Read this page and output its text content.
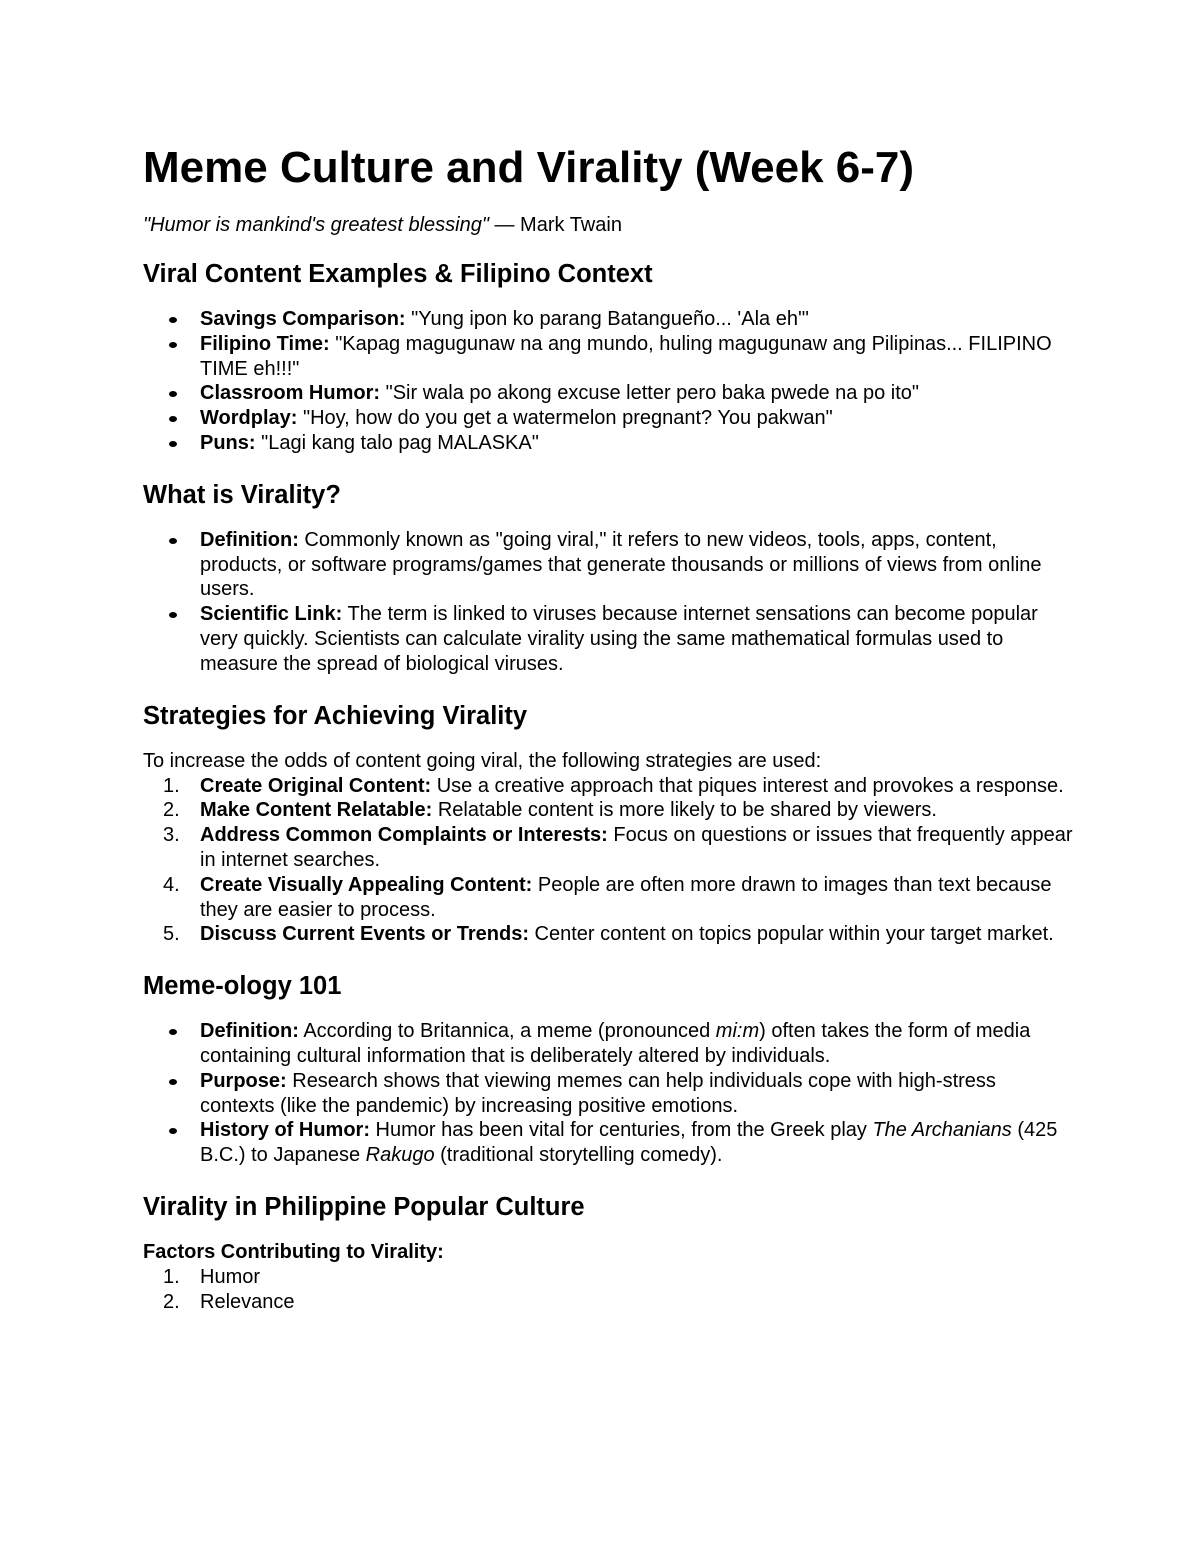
Meme Culture and Virality (Week 6-7)

"Humor is mankind's greatest blessing" — Mark Twain

Viral Content Examples & Filipino Context
Savings Comparison: "Yung ipon ko parang Batangueño... 'Ala eh'"
Filipino Time: "Kapag magugunaw na ang mundo, huling magugunaw ang Pilipinas... FILIPINO TIME eh!!!"
Classroom Humor: "Sir wala po akong excuse letter pero baka pwede na po ito"
Wordplay: "Hoy, how do you get a watermelon pregnant? You pakwan"
Puns: "Lagi kang talo pag MALASKA"
What is Virality?
Definition: Commonly known as "going viral," it refers to new videos, tools, apps, content, products, or software programs/games that generate thousands or millions of views from online users.
Scientific Link: The term is linked to viruses because internet sensations can become popular very quickly. Scientists can calculate virality using the same mathematical formulas used to measure the spread of biological viruses.
Strategies for Achieving Virality

To increase the odds of content going viral, the following strategies are used:

1. Create Original Content: Use a creative approach that piques interest and provokes a response.
2. Make Content Relatable: Relatable content is more likely to be shared by viewers.
3. Address Common Complaints or Interests: Focus on questions or issues that frequently appear in internet searches.
4. Create Visually Appealing Content: People are often more drawn to images than text because they are easier to process.
5. Discuss Current Events or Trends: Center content on topics popular within your target market.
Meme-ology 101
Definition: According to Britannica, a meme (pronounced mi:m) often takes the form of media containing cultural information that is deliberately altered by individuals.
Purpose: Research shows that viewing memes can help individuals cope with high-stress contexts (like the pandemic) by increasing positive emotions.
History of Humor: Humor has been vital for centuries, from the Greek play The Archanians (425 B.C.) to Japanese Rakugo (traditional storytelling comedy).
Virality in Philippine Popular Culture

Factors Contributing to Virality:

1. Humor
2. Relevance
